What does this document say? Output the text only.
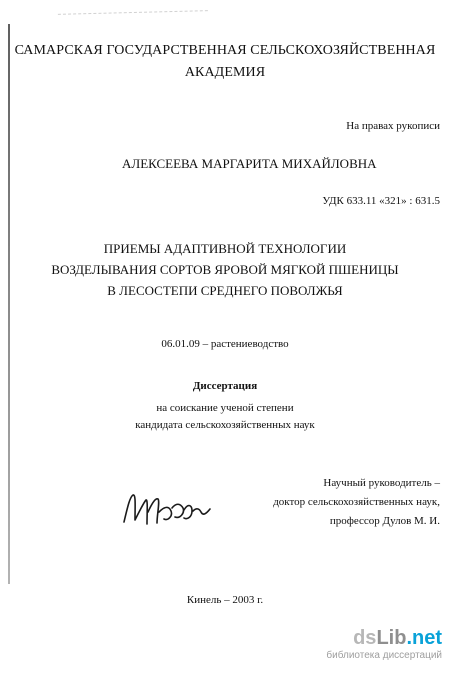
САМАРСКАЯ ГОСУДАРСТВЕННАЯ СЕЛЬСКОХОЗЯЙСТВЕННАЯ
АКАДЕМИЯ
На правах рукописи
АЛЕКСЕЕВА МАРГАРИТА МИХАЙЛОВНА
УДК 633.11 «321» : 631.5
ПРИЕМЫ АДАПТИВНОЙ ТЕХНОЛОГИИ
ВОЗДЕЛЫВАНИЯ СОРТОВ ЯРОВОЙ МЯГКОЙ ПШЕНИЦЫ
В ЛЕСОСТЕПИ СРЕДНЕГО ПОВОЛЖЬЯ
06.01.09 – растениеводство
Диссертация
на соискание ученой степени
кандидата сельскохозяйственных наук
Научный руководитель –
доктор сельскохозяйственных наук,
профессор Дулов М. И.
Кинель – 2003 г.
dsLib.net
библиотека диссертаций
